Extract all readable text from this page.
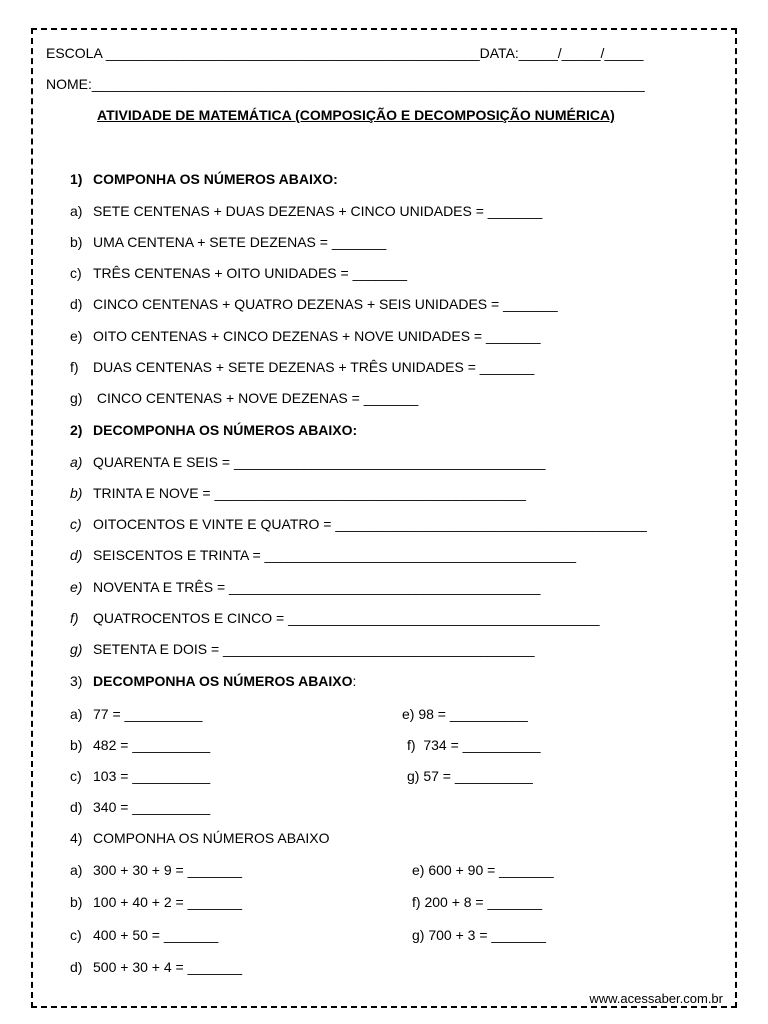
ESCOLA ________________________________________________DATA:_____/_____/_____
NOME:_______________________________________________________________________
ATIVIDADE DE MATEMÁTICA (COMPOSIÇÃO E DECOMPOSIÇÃO NUMÉRICA)
1) COMPONHA OS NÚMEROS ABAIXO:
a) SETE CENTENAS + DUAS DEZENAS + CINCO UNIDADES = _______
b) UMA CENTENA + SETE DEZENAS = _______
c) TRÊS CENTENAS + OITO UNIDADES = _______
d) CINCO CENTENAS + QUATRO DEZENAS + SEIS UNIDADES = _______
e) OITO CENTENAS + CINCO DEZENAS + NOVE UNIDADES = _______
f) DUAS CENTENAS + SETE DEZENAS + TRÊS UNIDADES = _______
g) CINCO CENTENAS + NOVE DEZENAS = _______
2) DECOMPONHA OS NÚMEROS ABAIXO:
a) QUARENTA E SEIS = ________________________________________
b) TRINTA E NOVE = ________________________________________
c) OITOCENTOS E VINTE E QUATRO = ________________________________________
d) SEISCENTOS E TRINTA = ________________________________________
e) NOVENTA E TRÊS = ________________________________________
f) QUATROCENTOS E CINCO = ________________________________________
g) SETENTA E DOIS = ________________________________________
3) DECOMPONHA OS NÚMEROS ABAIXO:
a) 77 = __________
b) 482 = __________
c) 103 = __________
d) 340 = __________
e) 98 = __________
f)  734 = __________
g) 57 = __________
4) COMPONHA OS NÚMEROS ABAIXO
a) 300 + 30 + 9 = _______
b) 100 + 40 + 2 = _______
c) 400 + 50 = _______
d) 500 + 30 + 4 = _______
e) 600 + 90 = _______
f) 200 + 8 = _______
g) 700 + 3 = _______
www.acessaber.com.br
